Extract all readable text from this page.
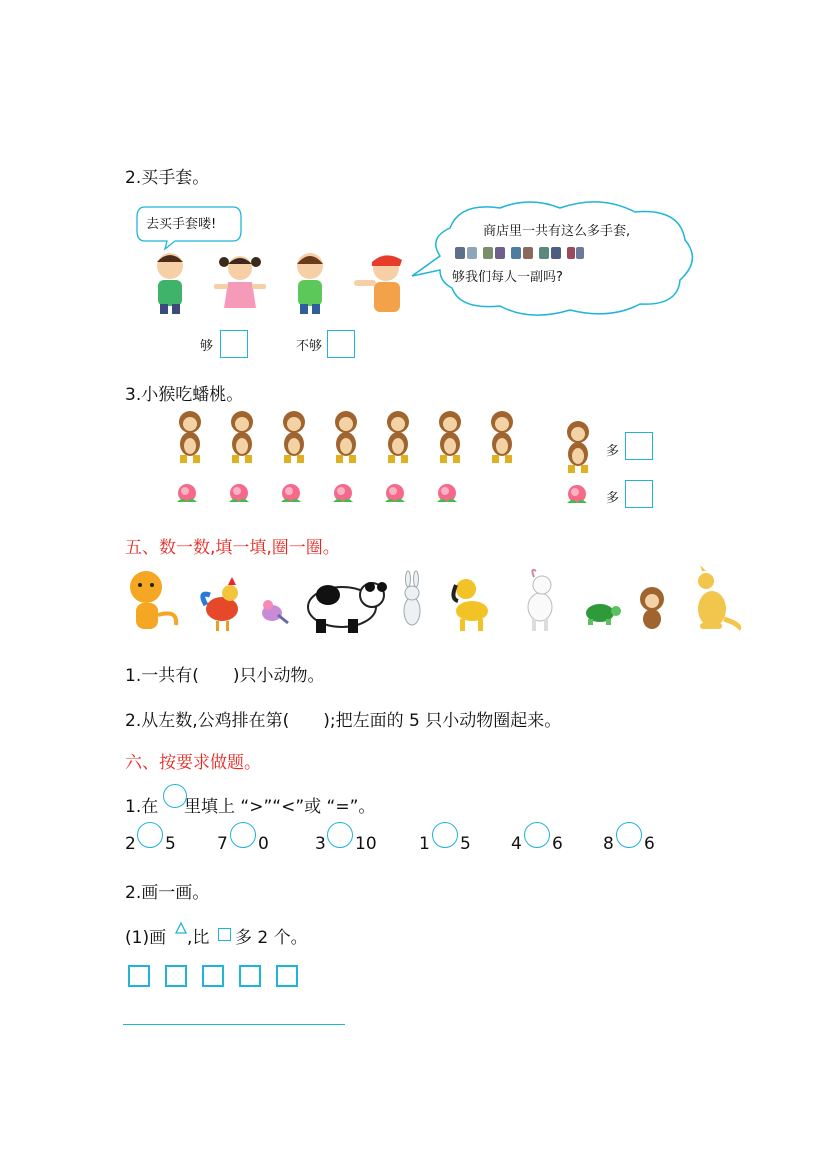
2.买手套。
去买手套喽!	商店里一共有这么多手套,
够我们每人一副吗?
够	不够
3.小猴吃蟠桃。
多
多
五、数一数,填一填,圈一圈。
1.一共有(　　)只小动物。
2.从左数,公鸡排在第(　　);把左面的 5 只小动物圈起来。
六、按要求做题。
1.在 里填上 “>”“<”或 “=”。
2 5 7 0	3 10 1 5 4 6 8 6
2.画一画。
(1)画 ,比 多 2 个。
